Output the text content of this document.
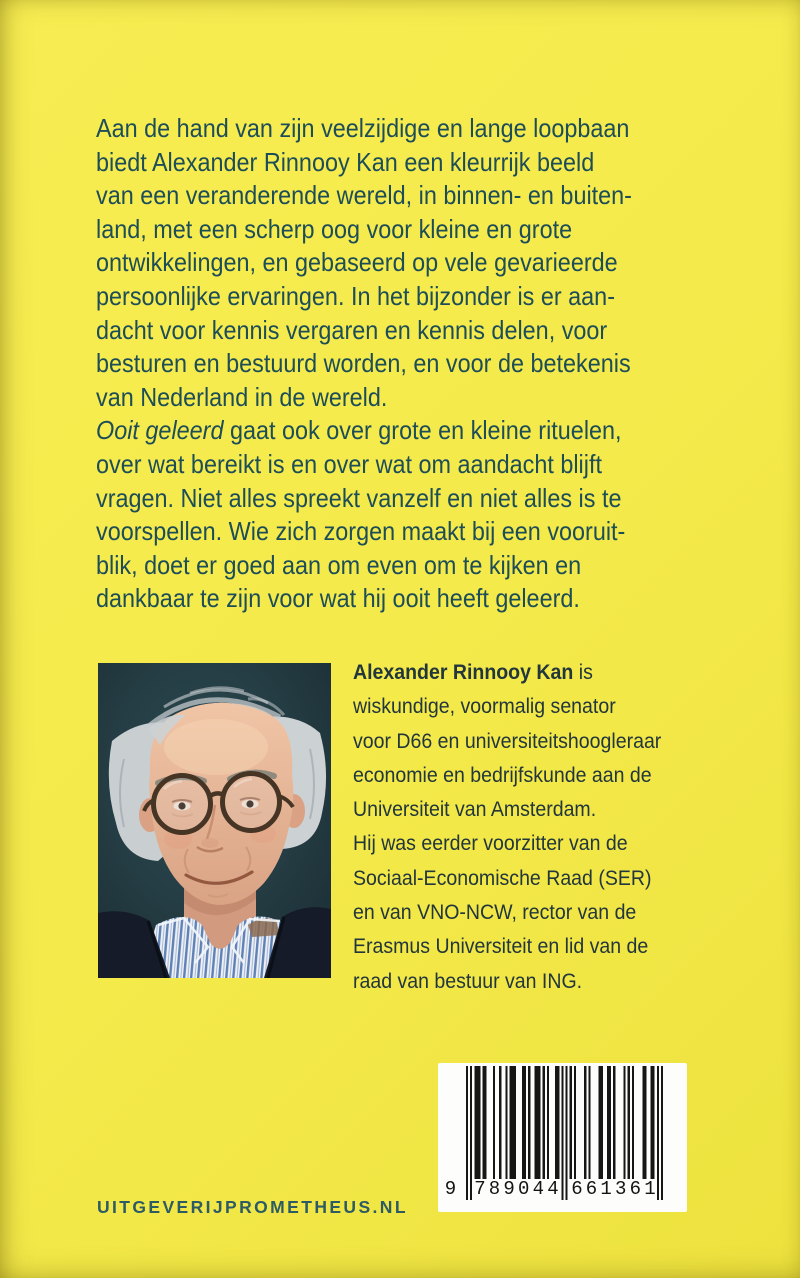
Aan de hand van zijn veelzijdige en lange loopbaan
biedt Alexander Rinnooy Kan een kleurrijk beeld
van een veranderende wereld, in binnen- en buiten-
land, met een scherp oog voor kleine en grote
ontwikkelingen, en gebaseerd op vele gevarieerde
persoonlijke ervaringen. In het bijzonder is er aan-
dacht voor kennis vergaren en kennis delen, voor
besturen en bestuurd worden, en voor de betekenis
van Nederland in de wereld.
Ooit geleerd gaat ook over grote en kleine rituelen,
over wat bereikt is en over wat om aandacht blijft
vragen. Niet alles spreekt vanzelf en niet alles is te
voorspellen. Wie zich zorgen maakt bij een vooruit-
blik, doet er goed aan om even om te kijken en
dankbaar te zijn voor wat hij ooit heeft geleerd.
Alexander Rinnooy Kan is
wiskundige, voormalig senator
voor D66 en universiteitshoogleraar
economie en bedrijfskunde aan de
Universiteit van Amsterdam.
Hij was eerder voorzitter van de
Sociaal-Economische Raad (SER)
en van VNO-NCW, rector van de
Erasmus Universiteit en lid van de
raad van bestuur van ING.
9 789044 661361
UITGEVERIJPROMETHEUS.NL
